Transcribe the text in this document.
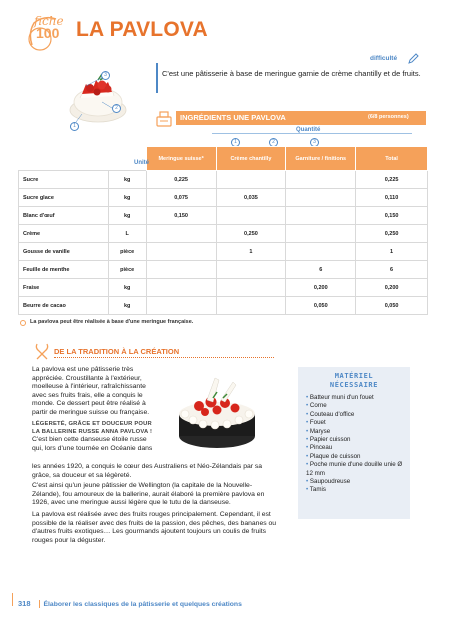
fiche
100 LA PAVLOVA
difficulté
3
2
1
C'est une pâtisserie à base de meringue garnie de crème chantilly et de fruits.
INGRÉDIENTS UNE PAVLOVA	(6/8 personnes)
Quantité
1	2	3
		Meringue suisse*	Crème chantilly	Garniture / finitions	Total
Sucre	kg	0,225			0,225
Sucre glace	kg	0,075	0,035		0,110
Blanc d'œuf	kg	0,150			0,150
Crème	L		0,250		0,250
Gousse de vanille	pièce		1		1
Feuille de menthe	pièce			6	6
Fraise	kg			0,200	0,200
Beurre de cacao	kg			0,050	0,050
Unité
La pavlova peut être réalisée à base d'une meringue française.
DE LA TRADITION À LA CRÉATION

La pavlova est une pâtisserie très appréciée. Croustillante à l'extérieur, moelleuse à l'intérieur, rafraîchissante avec ses fruits frais, elle a conquis le monde. Ce dessert peut être réalisé à partir de meringue suisse ou française.

LÉGERETÉ, GRÂCE ET DOUCEUR POUR LA BALLERINE RUSSE ANNA PAVLOVA !

C'est bien cette danseuse étoile russe qui, lors d'une tournée en Océanie dans

les années 1920, a conquis le cœur des Australiens et Néo-Zélandais par sa grâce, sa douceur et sa légèreté.
C'est ainsi qu'un jeune pâtissier de Wellington (la capitale de la Nouvelle-Zélande), fou amoureux de la ballerine, aurait élaboré la première pavlova en 1926, avec une meringue aussi légère que le tutu de la danseuse.
La pavlova est réalisée avec des fruits rouges principalement. Cependant, il est possible de la réaliser avec des fruits de la passion, des pêches, des bananes ou d'autres fruits exotiques… Les gourmands ajoutent toujours un coulis de fruits rouges pour la déguster.
MATÉRIEL
NÉCESSAIRE
• Batteur muni d'un fouet
• Corne
• Couteau d'office
• Fouet
• Maryse
• Papier cuisson
• Pinceau
• Plaque de cuisson
• Poche munie d'une douille unie Ø 12 mm
• Saupoudreuse
• Tamis
318 Élaborer les classiques de la pâtisserie et quelques créations
